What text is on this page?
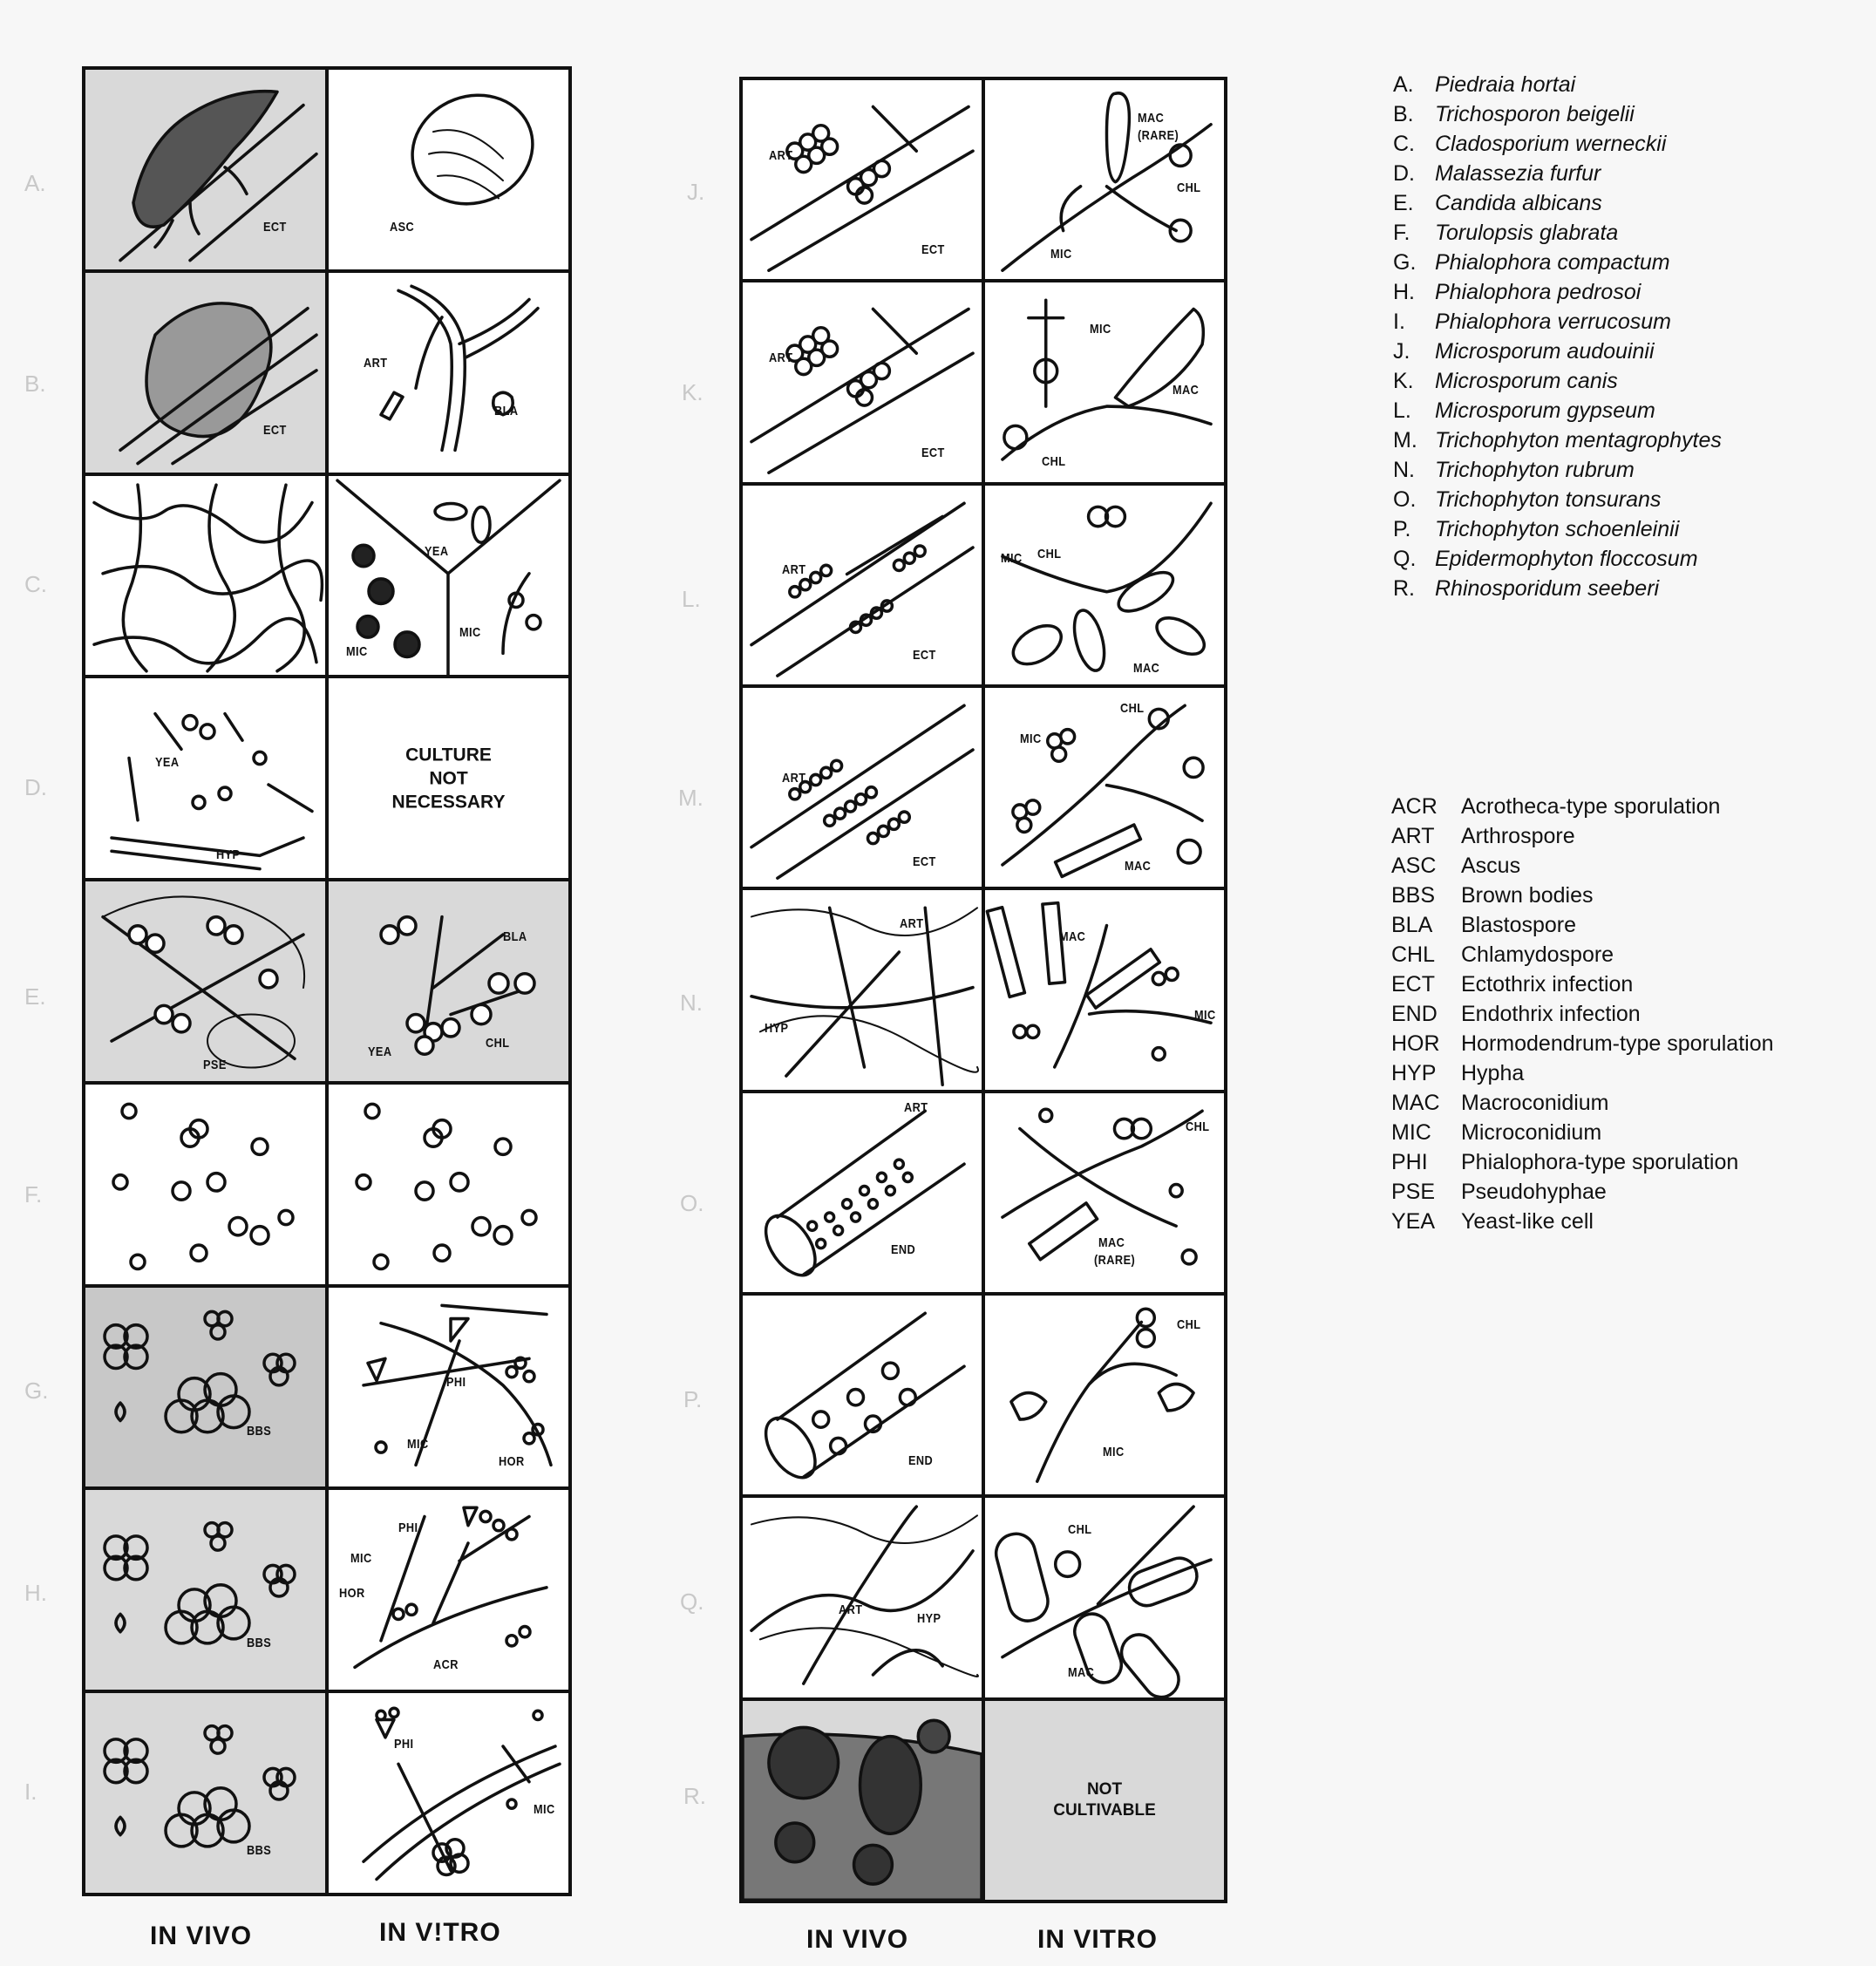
ECT	ASC
ECT
ART
BLA
YEA
MIC
MIC
YEA
HYP
CULTURE
NOT
NECESSARY
PSE
BLA
YEA
CHL
BBS
PHI
MIC
HOR
BBS
PHI
MIC
HOR
ACR
BBS
PHI
MIC
A.
B.
C.
D.
E.
F.
G.
H.
I.
IN VIVO	IN V!TRO
ART
ECT
MAC
(RARE)
CHL
MIC
ART
ECT
MIC
MAC
CHL
ART
ECT
CHL
MIC
MAC
ART
ECT
CHL
MIC
MAC
ART
HYP
MAC
MIC
ART
END
CHL
MAC
(RARE)
END
CHL
MIC
ART
HYP
CHL
MAC
NOT
CULTIVABLE
J.
K.
L.
M.
N.
O.
P.
Q.
R.
IN VIVO	IN VITRO
A. Piedraia hortai
B. Trichosporon beigelii
C. Cladosporium werneckii
D. Malassezia furfur
E. Candida albicans
F.	Torulopsis glabrata
G. Phialophora compactum
H. Phialophora pedrosoi
I.	Phialophora verrucosum
J.	Microsporum audouinii
K. Microsporum canis
L.	Microsporum gypseum
M. Trichophyton mentagrophytes
N. Trichophyton rubrum
O. Trichophyton tonsurans
P.	Trichophyton schoenleinii
Q. Epidermophyton floccosum
R. Rhinosporidum seeberi
ACR	Acrotheca-type sporulation
ART	Arthrospore
ASC	Ascus
BBS	Brown bodies
BLA	Blastospore
CHL	Chlamydospore
ECT	Ectothrix infection
END	Endothrix infection
HOR Hormodendrum-type sporulation
HYP	Hypha
MAC Macroconidium
MIC	Microconidium
PHI	Phialophora-type sporulation
PSE	Pseudohyphae
YEA	Yeast-like cell
